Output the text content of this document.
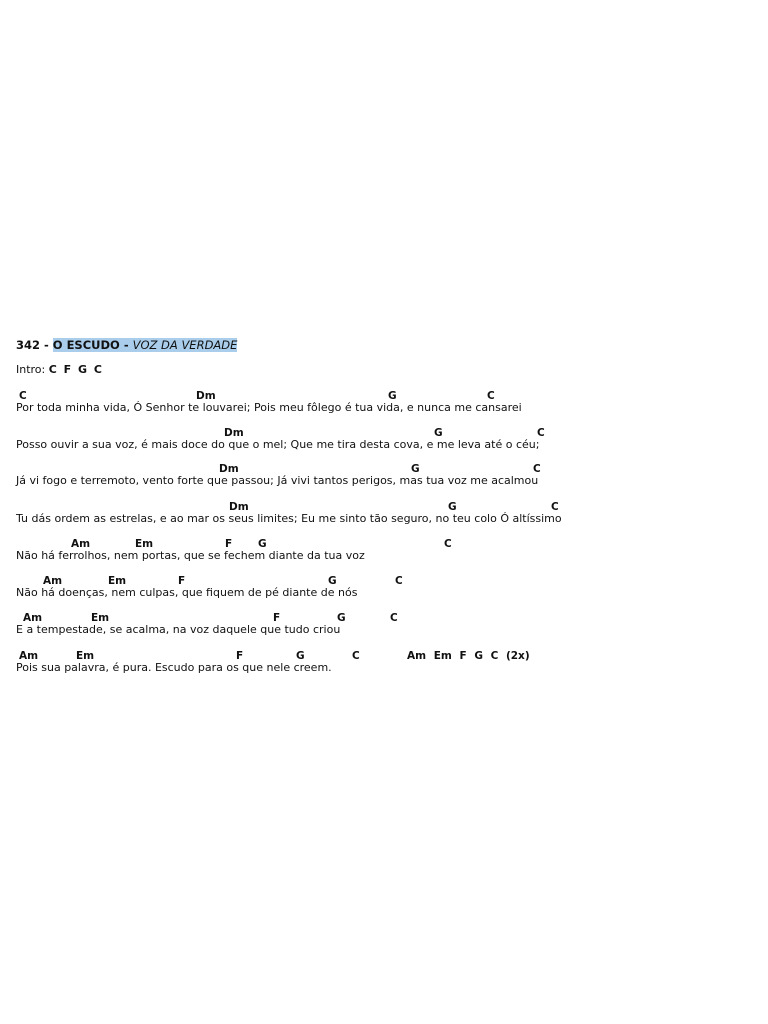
342 - O ESCUDO - VOZ DA VERDADE
Intro: C F G C
C	Dm	G	C
Por toda minha vida, Ó Senhor te louvarei; Pois meu fôlego é tua vida, e nunca me cansarei
Dm	G	C
Posso ouvir a sua voz, é mais doce do que o mel; Que me tira desta cova, e me leva até o céu;
Dm	G	C
Já vi fogo e terremoto, vento forte que passou; Já vivi tantos perigos, mas tua voz me acalmou
Dm	G	C
Tu dás ordem as estrelas, e ao mar os seus limites; Eu me sinto tão seguro, no teu colo Ó altíssimo
Am	Em	F G	C
Não há ferrolhos, nem portas, que se fechem diante da tua voz
Am	Em	F	G	C
Não há doenças, nem culpas, que fiquem de pé diante de nós
Am	Em	F	G	C
E a tempestade, se acalma, na voz daquele que tudo criou
Am	Em	F	G	C	Am Em F G C (2x)
Pois sua palavra, é pura. Escudo para os que nele creem.
